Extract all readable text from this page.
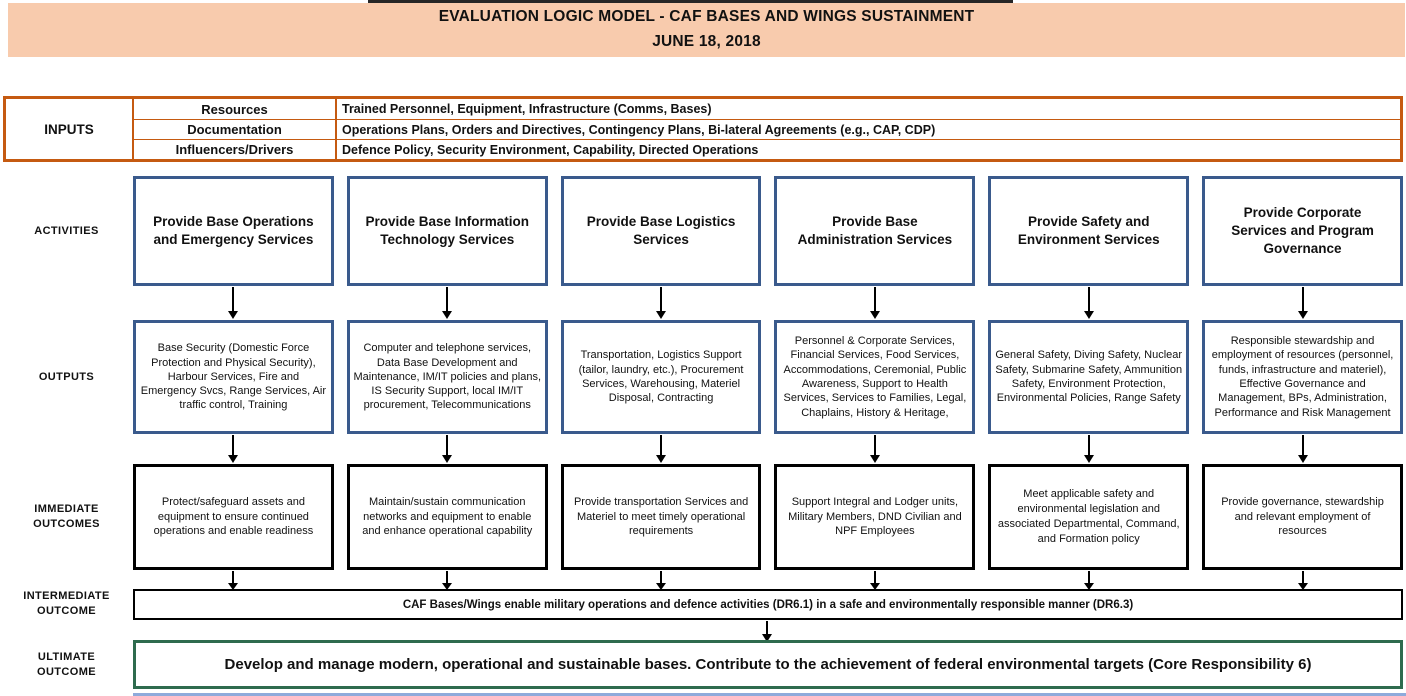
EVALUATION LOGIC MODEL - CAF BASES AND WINGS SUSTAINMENT
JUNE 18, 2018
INPUTS
Resources	Trained Personnel, Equipment, Infrastructure (Comms, Bases)
Documentation	Operations Plans, Orders and Directives, Contingency Plans, Bi-lateral Agreements (e.g., CAP, CDP)
Influencers/Drivers	Defence Policy, Security Environment, Capability, Directed Operations
ACTIVITIES
OUTPUTS
IMMEDIATE OUTCOMES
INTERMEDIATE OUTCOME
ULTIMATE OUTCOME
Provide Base Operations and Emergency Services
Provide Base Information Technology Services
Provide Base Logistics Services
Provide Base Administration Services
Provide Safety and Environment Services
Provide Corporate Services and Program Governance
Base Security (Domestic Force Protection and Physical Security), Harbour Services, Fire and Emergency Svcs, Range Services, Air traffic control, Training
Computer and telephone services, Data Base Development and Maintenance, IM/IT policies and plans, IS Security Support, local IM/IT procurement, Telecommunications
Transportation, Logistics Support (tailor, laundry, etc.), Procurement Services, Warehousing, Materiel Disposal, Contracting
Personnel & Corporate Services, Financial Services, Food Services, Accommodations, Ceremonial, Public Awareness, Support to Health Services, Services to Families, Legal, Chaplains, History & Heritage,
General Safety, Diving Safety, Nuclear Safety, Submarine Safety, Ammunition Safety, Environment Protection, Environmental Policies, Range Safety
Responsible stewardship and employment of resources (personnel, funds, infrastructure and materiel), Effective Governance and Management, BPs, Administration, Performance and Risk Management
Protect/safeguard assets and equipment to ensure continued operations and enable readiness
Maintain/sustain communication networks and equipment to enable and enhance operational capability
Provide transportation Services and Materiel to meet timely operational requirements
Support Integral and Lodger units, Military Members, DND Civilian and NPF Employees
Meet applicable safety and environmental legislation and associated Departmental, Command, and Formation policy
Provide governance, stewardship and relevant employment of resources
CAF Bases/Wings enable military operations and defence activities (DR6.1) in a safe and environmentally responsible manner (DR6.3)
Develop and manage modern, operational and sustainable bases. Contribute to the achievement of federal environmental targets (Core Responsibility 6)
